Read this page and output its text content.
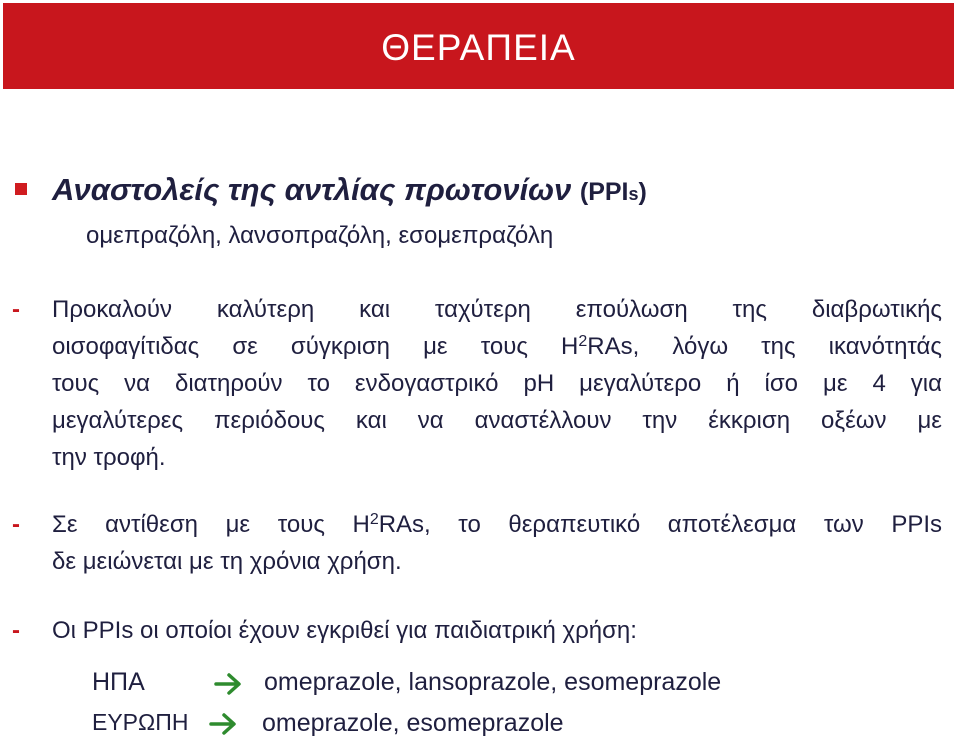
ΘΕΡΑΠΕΙΑ
Αναστολείς της αντλίας πρωτονίων (PPIs)
ομεπραζόλη, λανσοπραζόλη, εσομεπραζόλη
- Προκαλούν καλύτερη και ταχύτερη επούλωση της διαβρωτικής
οισοφαγίτιδας σε σύγκριση με τους $H^2RAs$, λόγω της ικανότητάς
τους να διατηρούν το ενδογαστρικό pH μεγαλύτερο ή ίσο με 4 για
μεγαλύτερες περιόδους και να αναστέλλουν την έκκριση οξέων με
την τροφή.
- Σε αντίθεση με τους $H^2RAs$, το θεραπευτικό αποτέλεσμα των PPIs
δε μειώνεται με τη χρόνια χρήση.
- Οι PPIs οι οποίοι έχουν εγκριθεί για παιδιατρική χρήση:
ΗΠΑ	omeprazole, lansoprazole, esomeprazole
ΕΥΡΩΠΗ	omeprazole, esomeprazole
